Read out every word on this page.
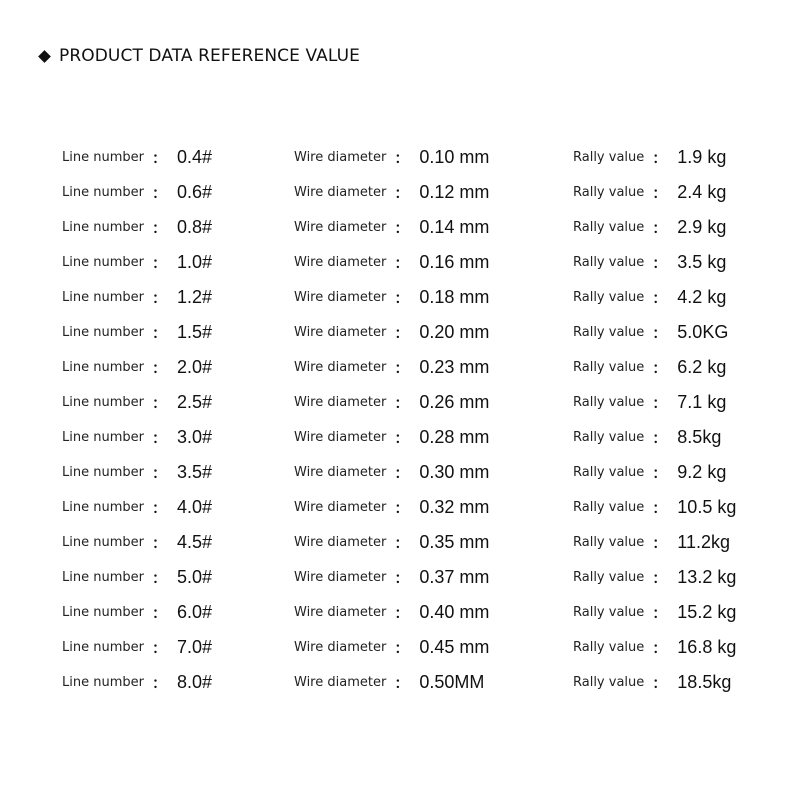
PRODUCT DATA REFERENCE VALUE
Line number ： 0.4#	Wire diameter ： 0.10 mm	Rally value ： 1.9 kg
Line number ： 0.6#	Wire diameter ： 0.12 mm	Rally value ： 2.4 kg
Line number ： 0.8#	Wire diameter ： 0.14 mm	Rally value ： 2.9 kg
Line number ： 1.0#	Wire diameter ： 0.16 mm	Rally value ： 3.5 kg
Line number ： 1.2#	Wire diameter ： 0.18 mm	Rally value ： 4.2 kg
Line number ： 1.5#	Wire diameter ： 0.20 mm	Rally value ： 5.0KG
Line number ： 2.0#	Wire diameter ： 0.23 mm	Rally value ： 6.2 kg
Line number ： 2.5#	Wire diameter ： 0.26 mm	Rally value ： 7.1 kg
Line number ： 3.0#	Wire diameter ： 0.28 mm	Rally value ： 8.5kg
Line number ： 3.5#	Wire diameter ： 0.30 mm	Rally value ： 9.2 kg
Line number ： 4.0#	Wire diameter ： 0.32 mm	Rally value ： 10.5 kg
Line number ： 4.5#	Wire diameter ： 0.35 mm	Rally value ： 11.2kg
Line number ： 5.0#	Wire diameter ： 0.37 mm	Rally value ： 13.2 kg
Line number ： 6.0#	Wire diameter ： 0.40 mm	Rally value ： 15.2 kg
Line number ： 7.0#	Wire diameter ： 0.45 mm	Rally value ： 16.8 kg
Line number ： 8.0#	Wire diameter ： 0.50MM	Rally value ： 18.5kg
